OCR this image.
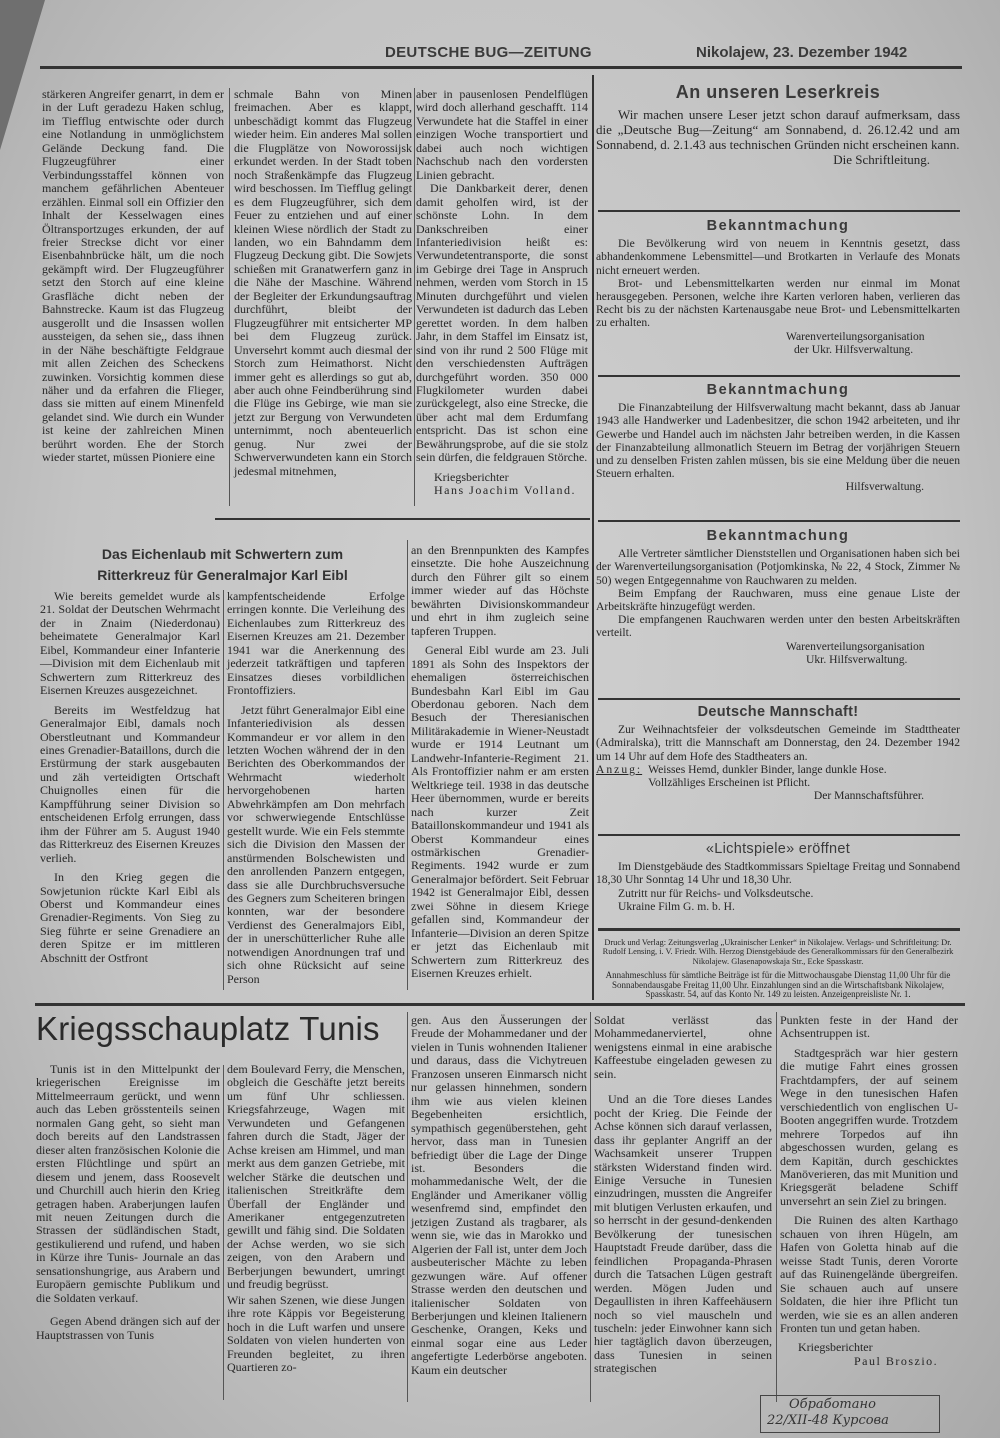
DEUTSCHE BUG—ZEITUNG	Nikolajew, 23. Dezember 1942

stärkeren Angreifer genarrt, in dem er in der Luft geradezu Haken schlug, im Tiefflug entwischte oder durch eine Notlandung in unmöglichstem Gelände Deckung fand. Die Flugzeugführer einer Verbindungsstaffel können von manchem gefährlichen Abenteuer erzählen. Einmal soll ein Offizier den Inhalt der Kesselwagen eines Öltransportzuges erkunden, der auf freier Streckse dicht vor einer Eisenbahnbrücke hält, um die noch gekämpft wird. Der Flugzeugführer setzt den Storch auf eine kleine Grasfläche dicht neben der Bahnstrecke. Kaum ist das Flugzeug ausgerollt und die Insassen wollen aussteigen, da sehen sie,, dass ihnen in der Nähe beschäftigte Feldgraue mit allen Zeichen des Scheckens zuwinken. Vorsichtig kommen diese näher und da erfahren die Flieger, dass sie mitten auf einem Minenfeld gelandet sind. Wie durch ein Wunder ist keine der zahlreichen Minen berührt worden. Ehe der Storch wieder startet, müssen Pioniere eine

schmale Bahn von Minen freimachen. Aber es klappt, unbeschädigt kommt das Flugzeug wieder heim. Ein anderes Mal sollen die Flugplätze von Noworossijsk erkundet werden. In der Stadt toben noch Straßenkämpfe das Flugzeug wird beschossen. Im Tiefflug gelingt es dem Flugzeugführer, sich dem Feuer zu entziehen und auf einer kleinen Wiese nördlich der Stadt zu landen, wo ein Bahndamm dem Flugzeug Deckung gibt. Die Sowjets schießen mit Granatwerfern ganz in die Nähe der Maschine. Während der Begleiter der Erkundungsauftrag durchführt, bleibt der Flugzeugführer mit entsicherter MP bei dem Flugzeug zurück. Unversehrt kommt auch diesmal der Storch zum Heimathorst. Nicht immer geht es allerdings so gut ab, aber auch ohne Feindberührung sind die Flüge ins Gebirge, wie man sie jetzt zur Bergung von Verwundeten unternimmt, noch abenteuerlich genug. Nur zwei der Schwerverwundeten kann ein Storch jedesmal mitnehmen,

aber in pausenlosen Pendelflügen wird doch allerhand geschafft. 114 Verwundete hat die Staffel in einer einzigen Woche transportiert und dabei auch noch wichtigen Nachschub nach den vordersten Linien gebracht.

Die Dankbarkeit derer, denen damit geholfen wird, ist der schönste Lohn. In dem Dankschreiben einer Infanteriedivision heißt es: Verwundetentransporte, die sonst im Gebirge drei Tage in Anspruch nehmen, werden vom Storch in 15 Minuten durchgeführt und vielen Verwundeten ist dadurch das Leben gerettet worden. In dem halben Jahr, in dem Staffel im Einsatz ist, sind von ihr rund 2 500 Flüge mit den verschiedensten Aufträgen durchgeführt worden. 350 000 Flugkilometer wurden dabei zurückgelegt, also eine Strecke, die über acht mal dem Erdumfang entspricht. Das ist schon eine Bewährungsprobe, auf die sie stolz sein dürfen, die feldgrauen Störche.

Kriegsberichter
Hans Joachim Volland.
An unseren Leserkreis

Wir machen unsere Leser jetzt schon darauf aufmerksam, dass die „Deutsche Bug—Zeitung“ am Sonnabend, d. 26.12.42 und am Sonnabend, d. 2.1.43 aus technischen Gründen nicht erscheinen kann.

Die Schriftleitung.

Bekanntmachung

Die Bevölkerung wird von neuem in Kenntnis gesetzt, dass abhandenkommene Lebensmittel—und Brotkarten in Verlaufe des Monats nicht erneuert werden.

Brot- und Lebensmittelkarten werden nur einmal im Monat herausgegeben. Personen, welche ihre Karten verloren haben, verlieren das Recht bis zu der nächsten Kartenausgabe neue Brot- und Lebensmittelkarten zu erhalten.

Warenverteilungsorganisation

der Ukr. Hilfsverwaltung.

Bekanntmachung

Die Finanzabteilung der Hilfsverwaltung macht bekannt, dass ab Januar 1943 alle Handwerker und Ladenbesitzer, die schon 1942 arbeiteten, und ihr Gewerbe und Handel auch im nächsten Jahr betreiben werden, in die Kassen der Finanzabteilung allmonatlich Steuern im Betrag der vorjährigen Steuern und zu denselben Fristen zahlen müssen, bis sie eine Meldung über die neuen Steuern erhalten.

Hilfsverwaltung.

Bekanntmachung

Alle Vertreter sämtlicher Dienststellen und Organisationen haben sich bei der Warenverteilungsorganisation (Potjomkinska, № 22, 4 Stock, Zimmer № 50) wegen Entgegennahme von Rauchwaren zu melden.

Beim Empfang der Rauchwaren, muss eine genaue Liste der Arbeitskräfte hinzugefügt werden.

Die empfangenen Rauchwaren werden unter den besten Arbeitskräften verteilt.

Warenverteilungsorganisation

Ukr. Hilfsverwaltung.

Deutsche Mannschaft!

Zur Weihnachtsfeier der volksdeutschen Gemeinde im Stadttheater (Admiralska), tritt die Mannschaft am Donnerstag, den 24. Dezember 1942 um 14 Uhr auf dem Hofe des Stadtheaters an.

Anzug: Weisses Hemd, dunkler Binder, lange dunkle Hose.
Vollzähliges Erscheinen ist Pflicht.

Der Mannschaftsführer.

«Lichtspiele» eröffnet

Im Dienstgebäude des Stadtkommissars Spieltage Freitag und Sonnabend 18,30 Uhr Sonntag 14 Uhr und 18,30 Uhr.

Zutritt nur für Reichs- und Volksdeutsche.

Ukraine Film G. m. b. H.

Druck und Verlag: Zeitungsverlag „Ukrainischer Lenker“ in Nikolajew. Verlags- und Schriftleitung: Dr. Rudolf Lensing, i. V. Friedr. Wilh. Herzog Dienstgebäude des Generalkommissars für den Generalbezirk Nikolajew. Glasenapowskaja Str., Ecke Spasskastr.

Annahmeschluss für sämtliche Beiträge ist für die Mittwochausgabe Dienstag 11,00 Uhr für die Sonnabendausgabe Freitag 11,00 Uhr. Einzahlungen sind an die Wirtschaftsbank Nikolajew, Spasskastr. 54, auf das Konto Nr. 149 zu leisten. Anzeigenpreisliste Nr. 1.

Das Eichenlaub mit Schwertern zum
Ritterkreuz für Generalmajor Karl Eibl

Wie bereits gemeldet wurde als 21. Soldat der Deutschen Wehrmacht der in Znaim (Niederdonau) beheimatete Generalmajor Karl Eibel, Kommandeur einer Infanterie—Division mit dem Eichenlaub mit Schwertern zum Ritterkreuz des Eisernen Kreuzes ausgezeichnet.

Bereits im Westfeldzug hat Generalmajor Eibl, damals noch Oberstleutnant und Kommandeur eines Grenadier-Bataillons, durch die Erstürmung der stark ausgebauten und zäh verteidigten Ortschaft Chuignolles einen für die Kampfführung seiner Division so entscheidenen Erfolg errungen, dass ihm der Führer am 5. August 1940 das Ritterkreuz des Eisernen Kreuzes verlieh.

In den Krieg gegen die Sowjetunion rückte Karl Eibl als Oberst und Kommandeur eines Grenadier-Regiments. Von Sieg zu Sieg führte er seine Grenadiere an deren Spitze er im mittleren Abschnitt der Ostfront

kampfentscheidende Erfolge erringen konnte. Die Verleihung des Eichenlaubes zum Ritterkreuz des Eisernen Kreuzes am 21. Dezember 1941 war die Anerkennung des jederzeit tatkräftigen und tapferen Einsatzes dieses vorbildlichen Frontoffiziers.

Jetzt führt Generalmajor Eibl eine Infanteriedivision als dessen Kommandeur er vor allem in den letzten Wochen während der in den Berichten des Oberkommandos der Wehrmacht wiederholt hervorgehobenen harten Abwehrkämpfen am Don mehrfach vor schwerwiegende Entschlüsse gestellt wurde. Wie ein Fels stemmte sich die Division den Massen der anstürmenden Bolschewisten und den anrollenden Panzern entgegen, dass sie alle Durchbruchsversuche des Gegners zum Scheiteren bringen konnten, war der besondere Verdienst des Generalmajors Eibl, der in unerschütterlicher Ruhe alle notwendigen Anordnungen traf und sich ohne Rücksicht auf seine Person

an den Brennpunkten des Kampfes einsetzte. Die hohe Auszeichnung durch den Führer gilt so einem immer wieder auf das Höchste bewährten Divisionskommandeur und ehrt in ihm zugleich seine tapferen Truppen.

General Eibl wurde am 23. Juli 1891 als Sohn des Inspektors der ehemaligen österreichischen Bundesbahn Karl Eibl im Gau Oberdonau geboren. Nach dem Besuch der Theresianischen Militärakademie in Wiener-Neustadt wurde er 1914 Leutnant um Landwehr-Infanterie-Regiment 21. Als Frontoffizier nahm er am ersten Weltkriege teil. 1938 in das deutsche Heer übernommen, wurde er bereits nach kurzer Zeit Bataillonskommandeur und 1941 als Oberst Kommandeur eines ostmärkischen Grenadier-Regiments. 1942 wurde er zum Generalmajor befördert. Seit Februar 1942 ist Generalmajor Eibl, dessen zwei Söhne in diesem Kriege gefallen sind, Kommandeur der Infanterie—Division an deren Spitze er jetzt das Eichenlaub mit Schwertern zum Ritterkreuz des Eisernen Kreuzes erhielt.

Kriegsschauplatz Tunis

Tunis ist in den Mittelpunkt der kriegerischen Ereignisse im Mittelmeerraum gerückt, und wenn auch das Leben grösstenteils seinen normalen Gang geht, so sieht man doch bereits auf den Landstrassen dieser alten französischen Kolonie die ersten Flüchtlinge und spürt an diesem und jenem, dass Roosevelt und Churchill auch hierin den Krieg getragen haben. Araberjungen laufen mit neuen Zeitungen durch die Strassen der südländischen Stadt, gestikulierend und rufend, und haben in Kürze ihre Tunis- Journale an das sensationshungrige, aus Arabern und Europäern gemischte Publikum und die Soldaten verkauf.

Gegen Abend drängen sich auf der Hauptstrassen von Tunis

dem Boulevard Ferry, die Menschen, obgleich die Geschäfte jetzt bereits um fünf Uhr schliessen. Kriegsfahrzeuge, Wagen mit Verwundeten und Gefangenen fahren durch die Stadt, Jäger der Achse kreisen am Himmel, und man merkt aus dem ganzen Getriebe, mit welcher Stärke die deutschen und italienischen Streitkräfte dem Überfall der Engländer und Amerikaner entgegenzutreten gewillt und fähig sind. Die Soldaten der Achse werden, wo sie sich zeigen, von den Arabern und Berberjungen bewundert, umringt und freudig begrüsst.

Wir sahen Szenen, wie diese Jungen ihre rote Käppis vor Begeisterung hoch in die Luft warfen und unsere Soldaten von vielen hunderten von Freunden begleitet, zu ihren Quartieren zo-

gen. Aus den Äusserungen der Freude der Mohammedaner und der vielen in Tunis wohnenden Italiener und daraus, dass die Vichytreuen Franzosen unseren Einmarsch nicht nur gelassen hinnehmen, sondern ihm wie aus vielen kleinen Begebenheiten ersichtlich, sympathisch gegenüberstehen, geht hervor, dass man in Tunesien befriedigt über die Lage der Dinge ist. Besonders die mohammedanische Welt, der die Engländer und Amerikaner völlig wesenfremd sind, empfindet den jetzigen Zustand als tragbarer, als wenn sie, wie das in Marokko und Algerien der Fall ist, unter dem Joch ausbeuterischer Mächte zu leben gezwungen wäre. Auf offener Strasse werden den deutschen und italienischer Soldaten von Berberjungen und kleinen Italienern Geschenke, Orangen, Keks und einmal sogar eine aus Leder angefertigte Lederbörse angeboten. Kaum ein deutscher

Soldat verlässt das Mohammedanerviertel, ohne wenigstens einmal in eine arabische Kaffeestube eingeladen gewesen zu sein.

Und an die Tore dieses Landes pocht der Krieg. Die Feinde der Achse können sich darauf verlassen, dass ihr geplanter Angriff an der Wachsamkeit unserer Truppen stärksten Widerstand finden wird. Einige Versuche in Tunesien einzudringen, mussten die Angreifer mit blutigen Verlusten erkaufen, und so herrscht in der gesund-denkenden Bevölkerung der tunesischen Hauptstadt Freude darüber, dass die feindlichen Propaganda-Phrasen durch die Tatsachen Lügen gestraft werden. Mögen Juden und Degaullisten in ihren Kaffeehäusern noch so viel mauscheln und tuscheln: jeder Einwohner kann sich hier tagtäglich davon überzeugen, dass Tunesien in seinen strategischen

Punkten feste in der Hand der Achsentruppen ist.

Stadtgespräch war hier gestern die mutige Fahrt eines grossen Frachtdampfers, der auf seinem Wege in den tunesischen Hafen verschiedentlich von englischen U-Booten angegriffen wurde. Trotzdem mehrere Torpedos auf ihn abgeschossen wurden, gelang es dem Kapitän, durch geschicktes Manöverieren, das mit Munition und Kriegsgerät beladene Schiff unversehrt an sein Ziel zu bringen.

Die Ruinen des alten Karthago schauen von ihren Hügeln, am Hafen von Goletta hinab auf die weisse Stadt Tunis, deren Vororte auf das Ruinengelände übergreifen. Sie schauen auch auf unsere Soldaten, die hier ihre Pflicht tun werden, wie sie es an allen anderen Fronten tun und getan haben.

Kriegsberichter
Paul Broszio.
Обработано
22/XII-48 Курсова
